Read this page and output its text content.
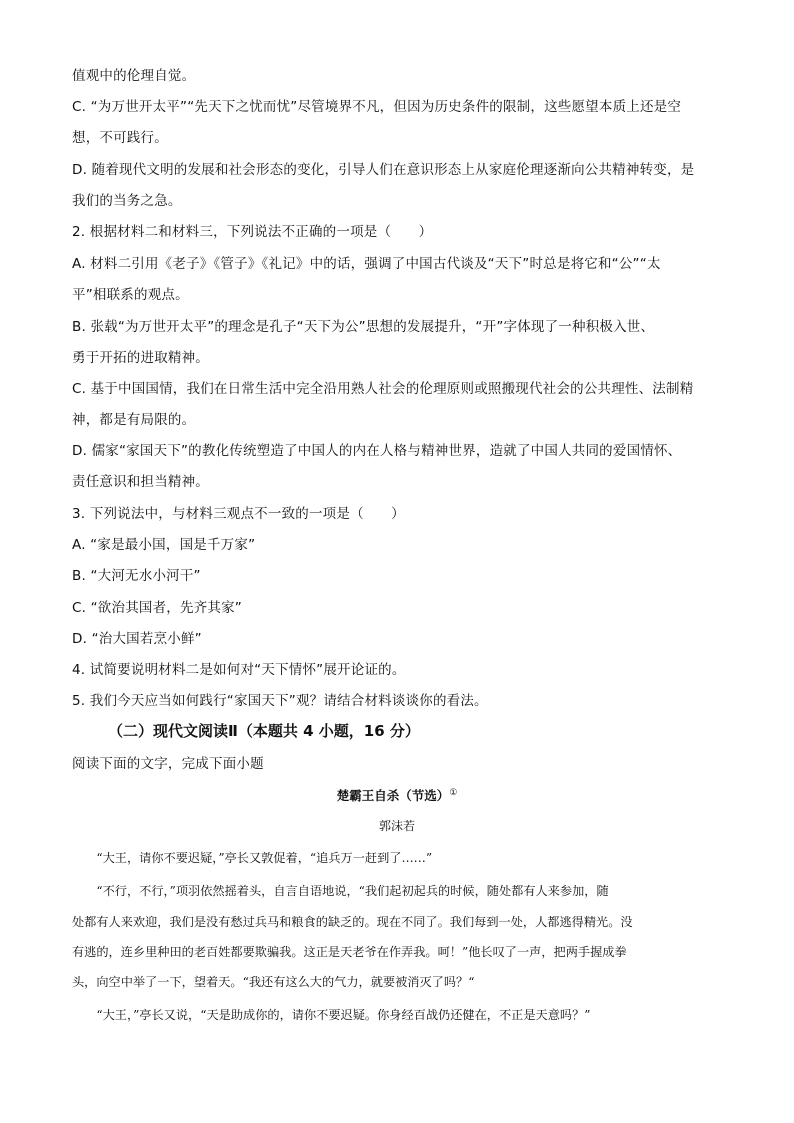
值观中的伦理自觉。
C. “为万世开太平”“先天下之忧而忧”尽管境界不凡，但因为历史条件的限制，这些愿望本质上还是空
想，不可践行。
D. 随着现代文明的发展和社会形态的变化，引导人们在意识形态上从家庭伦理逐渐向公共精神转变，是
我们的当务之急。
2. 根据材料二和材料三，下列说法不正确的一项是（　　）
A. 材料二引用《老子》《管子》《礼记》中的话，强调了中国古代谈及“天下”时总是将它和“公”“太
平”相联系的观点。
B. 张载“为万世开太平”的理念是孔子“天下为公”思想的发展提升，“开”字体现了一种积极入世、
勇于开拓的进取精神。
C. 基于中国国情，我们在日常生活中完全沿用熟人社会的伦理原则或照搬现代社会的公共理性、法制精
神，都是有局限的。
D. 儒家“家国天下”的教化传统塑造了中国人的内在人格与精神世界，造就了中国人共同的爱国情怀、
责任意识和担当精神。
3. 下列说法中，与材料三观点不一致的一项是（　　）
A. “家是最小国，国是千万家”
B. “大河无水小河干”
C. “欲治其国者，先齐其家”
D. “治大国若烹小鲜”
4. 试简要说明材料二是如何对“天下情怀”展开论证的。
5. 我们今天应当如何践行“家国天下”观？请结合材料谈谈你的看法。
（二）现代文阅读Ⅱ（本题共 4 小题，16 分）
阅读下面的文字，完成下面小题
楚霸王自杀（节选）①
郭沫若
　　“大王，请你不要迟疑，”亭长又敦促着，“追兵万一赶到了……”
　　“不行，不行，”项羽依然摇着头，自言自语地说，“我们起初起兵的时候，随处都有人来参加，随
处都有人来欢迎，我们是没有愁过兵马和粮食的缺乏的。现在不同了。我们每到一处，人都逃得精光。没
有逃的，连乡里种田的老百姓都要欺骗我。这正是天老爷在作弄我。呵！”他长叹了一声，把两手握成拳
头，向空中举了一下，望着天。“我还有这么大的气力，就要被消灭了吗？“
　　“大王，”亭长又说，“天是助成你的，请你不要迟疑。你身经百战仍还健在，不正是天意吗？”
